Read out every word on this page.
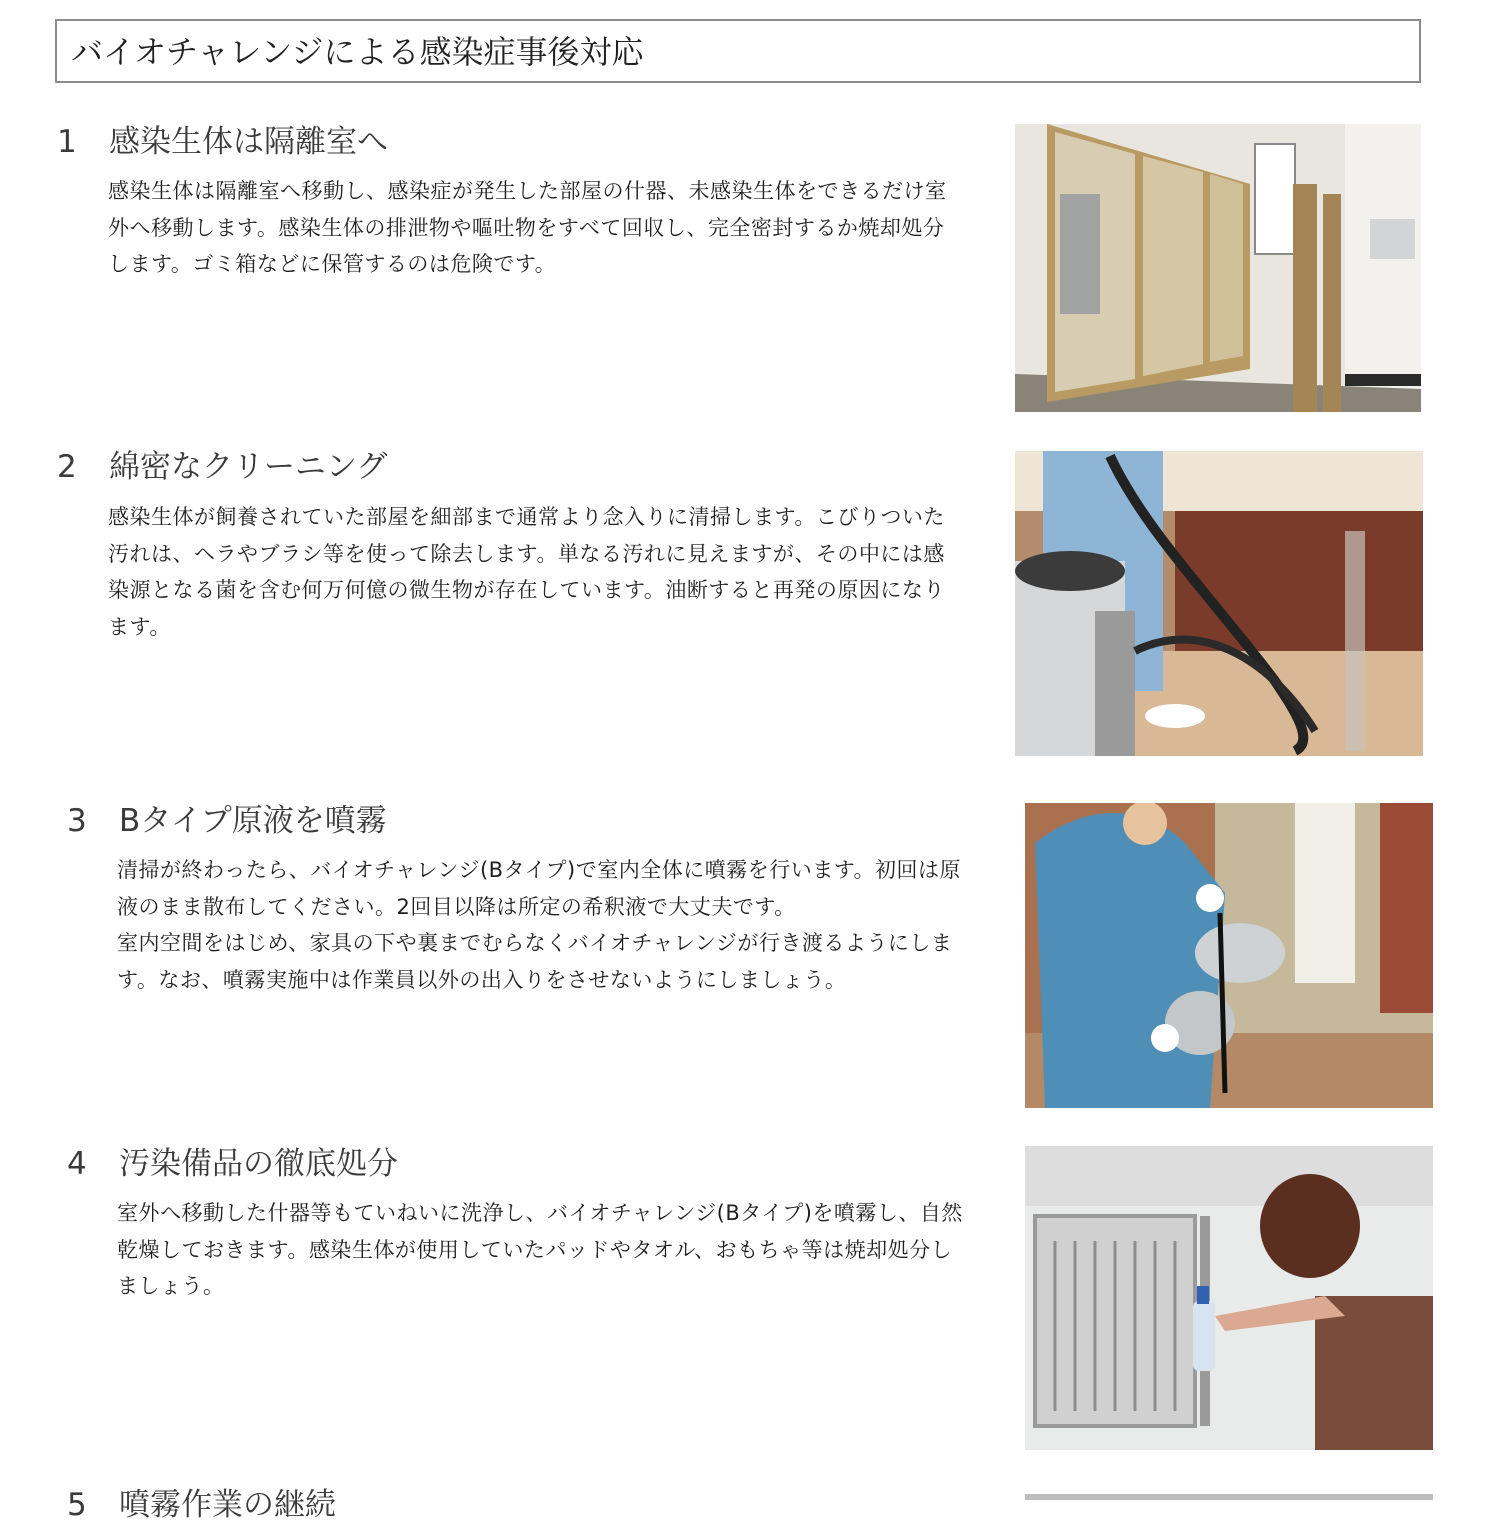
バイオチャレンジによる感染症事後対応
1 感染生体は隔離室へ

感染生体は隔離室へ移動し、感染症が発生した部屋の什器、未感染生体をできるだけ室外へ移動します。感染生体の排泄物や嘔吐物をすべて回収し、完全密封するか焼却処分します。ゴミ箱などに保管するのは危険です。

2 綿密なクリーニング

感染生体が飼養されていた部屋を細部まで通常より念入りに清掃します。こびりついた汚れは、ヘラやブラシ等を使って除去します。単なる汚れに見えますが、その中には感染源となる菌を含む何万何億の微生物が存在しています。油断すると再発の原因になります。

3 Bタイプ原液を噴霧

清掃が終わったら、バイオチャレンジ(Bタイプ)で室内全体に噴霧を行います。初回は原液のまま散布してください。2回目以降は所定の希釈液で大丈夫です。

室内空間をはじめ、家具の下や裏までむらなくバイオチャレンジが行き渡るようにします。なお、噴霧実施中は作業員以外の出入りをさせないようにしましょう。

4 汚染備品の徹底処分

室外へ移動した什器等もていねいに洗浄し、バイオチャレンジ(Bタイプ)を噴霧し、自然乾燥しておきます。感染生体が使用していたパッドやタオル、おもちゃ等は焼却処分しましょう。

5 噴霧作業の継続
